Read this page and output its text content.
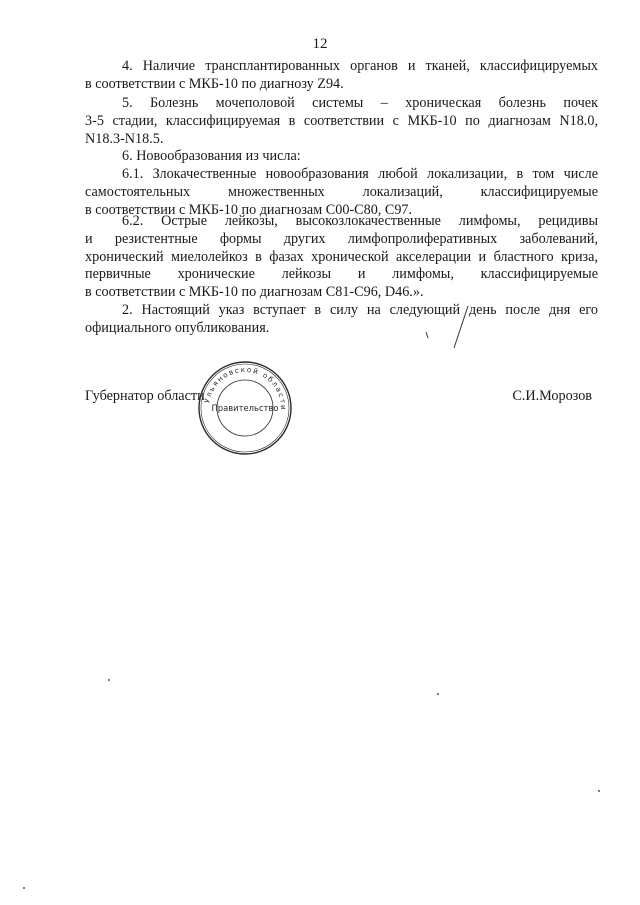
12
4. Наличие трансплантированных органов и тканей, классифицируемых
в соответствии с МКБ-10 по диагнозу Z94.
5. Болезнь мочеполовой системы – хроническая болезнь почек
3-5 стадии, классифицируемая в соответствии с МКБ-10 по диагнозам N18.0,
N18.3-N18.5.
6. Новообразования из числа:
6.1. Злокачественные новообразования любой локализации, в том числе
самостоятельных множественных локализаций, классифицируемые
в соответствии с МКБ-10 по диагнозам С00-С80, С97.
6.2. Острые лейкозы, высокозлокачественные лимфомы, рецидивы
и резистентные формы других лимфопролиферативных заболеваний,
хронический миелолейкоз в фазах хронической акселерации и бластного криза,
первичные хронические лейкозы и лимфомы, классифицируемые
в соответствии с МКБ-10 по диагнозам С81-С96, D46.».
2. Настоящий указ вступает в силу на следующий день после дня его
официального опубликования.
Губернатор области	С.И.Морозов
Ульяновской области
Правительство
